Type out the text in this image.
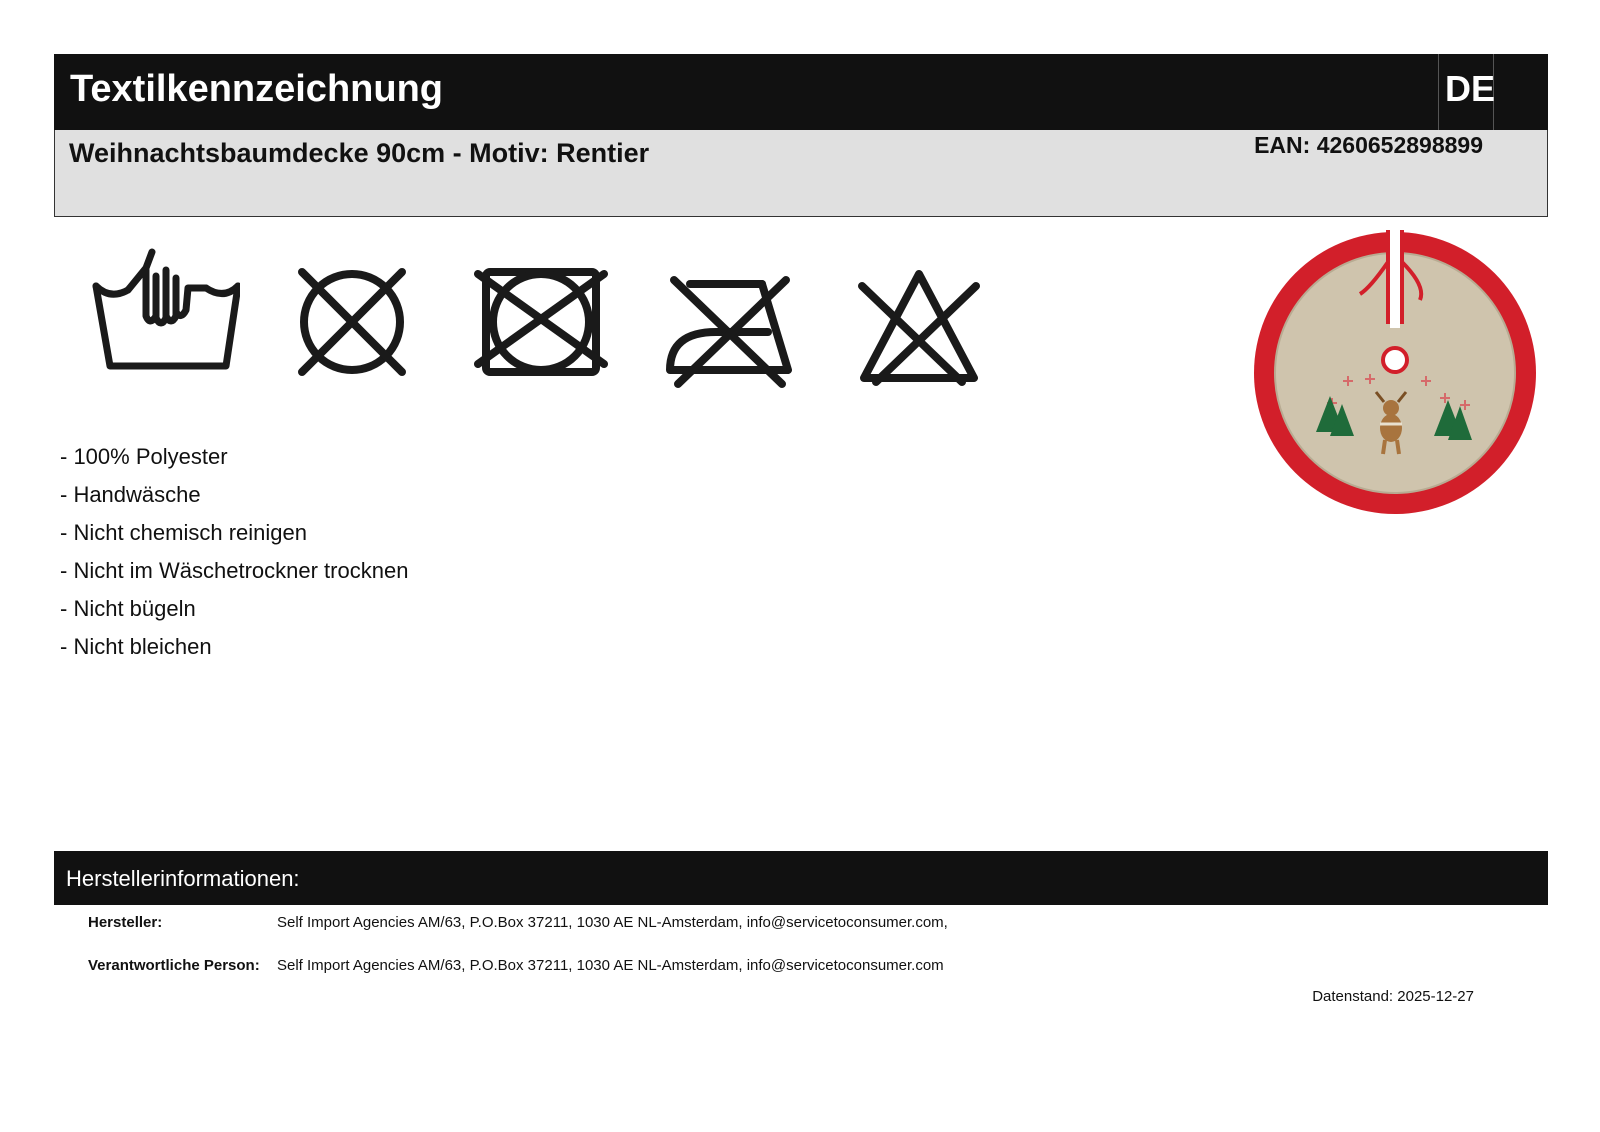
Textilkennzeichnung	DE
Weihnachtsbaumdecke 90cm - Motiv: Rentier	EAN: 4260652898899
- 100% Polyester
- Handwäsche
- Nicht chemisch reinigen
- Nicht im Wäschetrockner trocknen
- Nicht bügeln
- Nicht bleichen
Herstellerinformationen:
Hersteller:	Self Import Agencies AM/63, P.O.Box 37211, 1030 AE NL-Amsterdam, info@servicetoconsumer.com,
Verantwortliche Person: Self Import Agencies AM/63, P.O.Box 37211, 1030 AE NL-Amsterdam, info@servicetoconsumer.com
Datenstand: 2025-12-27
